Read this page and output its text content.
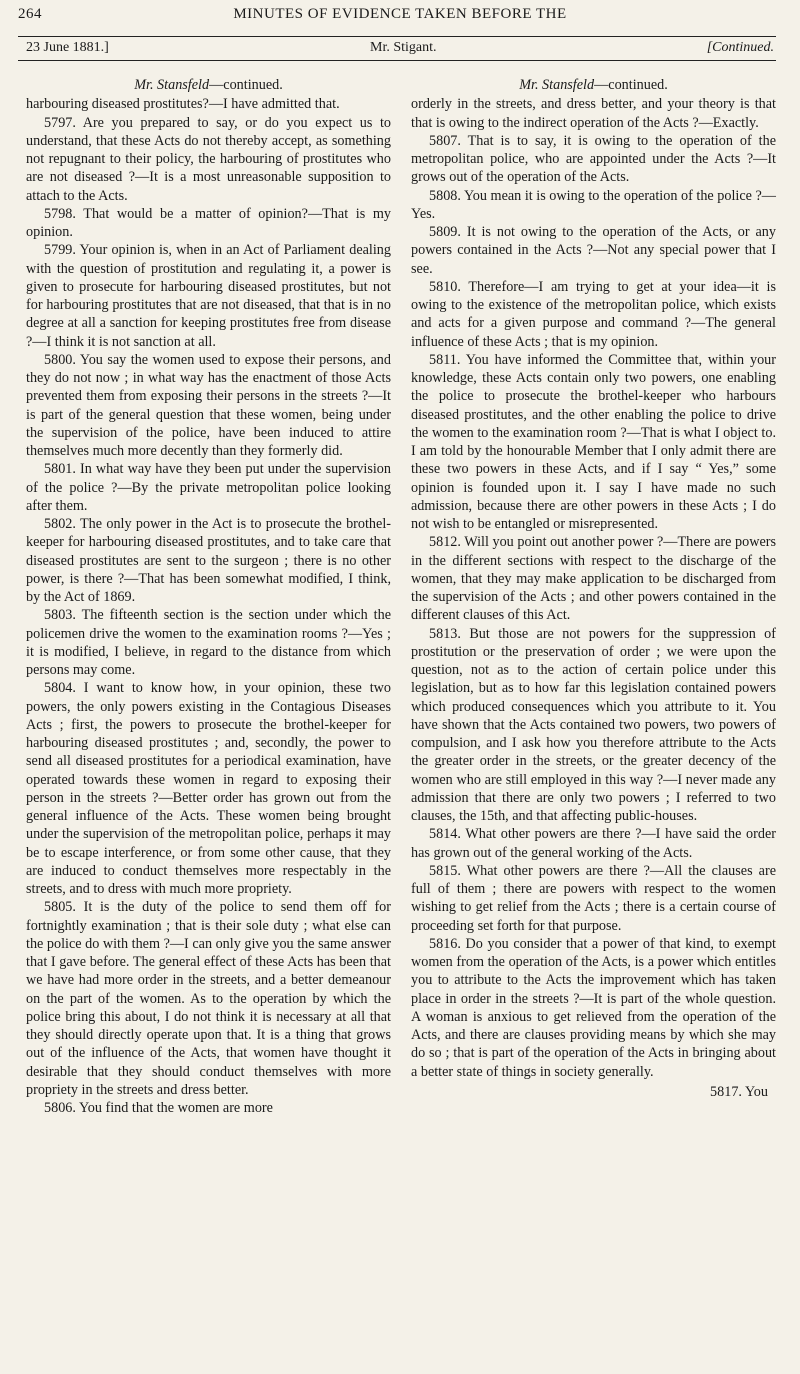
264	MINUTES OF EVIDENCE TAKEN BEFORE THE
23 June 1881.]	Mr. Stigant.	[Continued.
Mr. Stansfeld—continued.

harbouring diseased prostitutes?—I have admitted that.

5797. Are you prepared to say, or do you expect us to understand, that these Acts do not thereby accept, as something not repugnant to their policy, the harbouring of prostitutes who are not diseased ?—It is a most unreasonable supposition to attach to the Acts.

5798. That would be a matter of opinion?—That is my opinion.

5799. Your opinion is, when in an Act of Parliament dealing with the question of prostitution and regulating it, a power is given to prosecute for harbouring diseased prostitutes, but not for harbouring prostitutes that are not diseased, that that is in no degree at all a sanction for keeping prostitutes free from disease ?—I think it is not sanction at all.

5800. You say the women used to expose their persons, and they do not now ; in what way has the enactment of those Acts prevented them from exposing their persons in the streets ?—It is part of the general question that these women, being under the supervision of the police, have been induced to attire themselves much more decently than they formerly did.

5801. In what way have they been put under the supervision of the police ?—By the private metropolitan police looking after them.

5802. The only power in the Act is to prosecute the brothel-keeper for harbouring diseased prostitutes, and to take care that diseased prostitutes are sent to the surgeon ; there is no other power, is there ?—That has been somewhat modified, I think, by the Act of 1869.

5803. The fifteenth section is the section under which the policemen drive the women to the examination rooms ?—Yes ; it is modified, I believe, in regard to the distance from which persons may come.

5804. I want to know how, in your opinion, these two powers, the only powers existing in the Contagious Diseases Acts ; first, the powers to prosecute the brothel-keeper for harbouring diseased prostitutes ; and, secondly, the power to send all diseased prostitutes for a periodical examination, have operated towards these women in regard to exposing their person in the streets ?—Better order has grown out from the general influence of the Acts. These women being brought under the supervision of the metropolitan police, perhaps it may be to escape interference, or from some other cause, that they are induced to conduct themselves more respectably in the streets, and to dress with much more propriety.

5805. It is the duty of the police to send them off for fortnightly examination ; that is their sole duty ; what else can the police do with them ?—I can only give you the same answer that I gave before. The general effect of these Acts has been that we have had more order in the streets, and a better demeanour on the part of the women. As to the operation by which the police bring this about, I do not think it is necessary at all that they should directly operate upon that. It is a thing that grows out of the influence of the Acts, that women have thought it desirable that they should conduct themselves with more propriety in the streets and dress better.

5806. You find that the women are more

Mr. Stansfeld—continued.

orderly in the streets, and dress better, and your theory is that that is owing to the indirect operation of the Acts ?—Exactly.

5807. That is to say, it is owing to the operation of the metropolitan police, who are appointed under the Acts ?—It grows out of the operation of the Acts.

5808. You mean it is owing to the operation of the police ?—Yes.

5809. It is not owing to the operation of the Acts, or any powers contained in the Acts ?—Not any special power that I see.

5810. Therefore—I am trying to get at your idea—it is owing to the existence of the metropolitan police, which exists and acts for a given purpose and command ?—The general influence of these Acts ; that is my opinion.

5811. You have informed the Committee that, within your knowledge, these Acts contain only two powers, one enabling the police to prosecute the brothel-keeper who harbours diseased prostitutes, and the other enabling the police to drive the women to the examination room ?—That is what I object to. I am told by the honourable Member that I only admit there are these two powers in these Acts, and if I say “ Yes,” some opinion is founded upon it. I say I have made no such admission, because there are other powers in these Acts ; I do not wish to be entangled or misrepresented.

5812. Will you point out another power ?—There are powers in the different sections with respect to the discharge of the women, that they may make application to be discharged from the supervision of the Acts ; and other powers contained in the different clauses of this Act.

5813. But those are not powers for the suppression of prostitution or the preservation of order ; we were upon the question, not as to the action of certain police under this legislation, but as to how far this legislation contained powers which produced consequences which you attribute to it. You have shown that the Acts contained two powers, two powers of compulsion, and I ask how you therefore attribute to the Acts the greater order in the streets, or the greater decency of the women who are still employed in this way ?—I never made any admission that there are only two powers ; I referred to two clauses, the 15th, and that affecting public-houses.

5814. What other powers are there ?—I have said the order has grown out of the general working of the Acts.

5815. What other powers are there ?—All the clauses are full of them ; there are powers with respect to the women wishing to get relief from the Acts ; there is a certain course of proceeding set forth for that purpose.

5816. Do you consider that a power of that kind, to exempt women from the operation of the Acts, is a power which entitles you to attribute to the Acts the improvement which has taken place in order in the streets ?—It is part of the whole question. A woman is anxious to get relieved from the operation of the Acts, and there are clauses providing means by which she may do so ; that is part of the operation of the Acts in bringing about a better state of things in society generally.

5817. You
